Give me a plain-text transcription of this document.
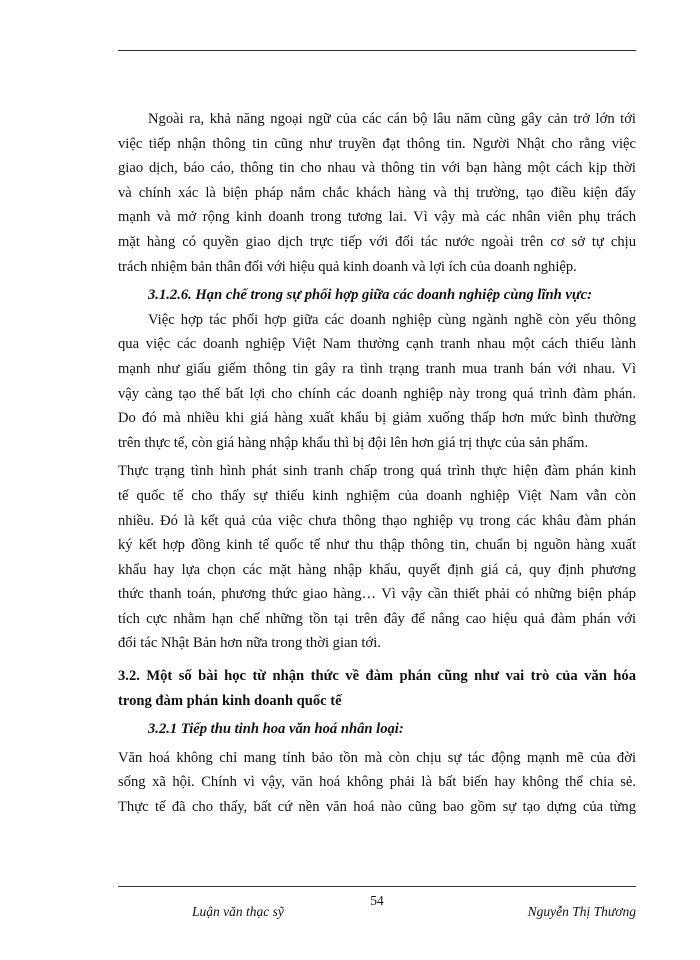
Ngoài ra, khả năng ngoại ngữ của các cán bộ lâu năm cũng gây cản trở lớn tới
việc tiếp nhận thông tin cũng như truyền đạt thông tin. Người Nhật cho rằng việc
giao dịch, báo cáo, thông tin cho nhau và thông tin với bạn hàng một cách kịp thời
và chính xác là biện pháp nắm chắc khách hàng và thị trường, tạo điều kiện đẩy
mạnh và mở rộng kinh doanh trong tương lai. Vì vậy mà các nhân viên phụ trách
mặt hàng có quyền giao dịch trực tiếp với đối tác nước ngoài trên cơ sở tự chịu
trách nhiệm bản thân đối với hiệu quả kinh doanh và lợi ích của doanh nghiệp.
3.1.2.6. Hạn chế trong sự phối hợp giữa các doanh nghiệp cùng lĩnh vực:
Việc hợp tác phối hợp giữa các doanh nghiệp cùng ngành nghề còn yếu thông
qua việc các doanh nghiệp Việt Nam thường cạnh tranh nhau một cách thiếu lành
mạnh như giấu giếm thông tin gây ra tình trạng tranh mua tranh bán với nhau. Vì
vậy càng tạo thế bất lợi cho chính các doanh nghiệp này trong quá trình đàm phán.
Do đó mà nhiều khi giá hàng xuất khẩu bị giảm xuống thấp hơn mức bình thường
trên thực tế, còn giá hàng nhập khẩu thì bị đội lên hơn giá trị thực của sản phẩm.
Thực trạng tình hình phát sinh tranh chấp trong quá trình thực hiện đàm phán kinh
tế quốc tế cho thấy sự thiếu kinh nghiệm của doanh nghiệp Việt Nam vẫn còn
nhiều. Đó là kết quả của việc chưa thông thạo nghiệp vụ trong các khâu đàm phán
ký kết hợp đồng kinh tế quốc tế như thu thập thông tin, chuẩn bị nguồn hàng xuất
khẩu hay lựa chọn các mặt hàng nhập khẩu, quyết định giá cả, quy định phương
thức thanh toán, phương thức giao hàng… Vì vậy cần thiết phải có những biện pháp
tích cực nhằm hạn chế những tồn tại trên đây để nâng cao hiệu quả đàm phán với
đối tác Nhật Bản hơn nữa trong thời gian tới.
3.2. Một số bài học từ nhận thức về đàm phán cũng như vai trò của văn hóa
trong đàm phán kinh doanh quốc tế
3.2.1 Tiếp thu tinh hoa văn hoá nhân loại:
Văn hoá không chỉ mang tính bảo tồn mà còn chịu sự tác động mạnh mẽ của đời
sống xã hội. Chính vì vậy, văn hoá không phải là bất biến hay không thể chia sẻ.
Thực tế đã cho thấy, bất cứ nền văn hoá nào cũng bao gồm sự tạo dựng của từng
Luận văn thạc sỹ
54
Nguyễn Thị Thương
